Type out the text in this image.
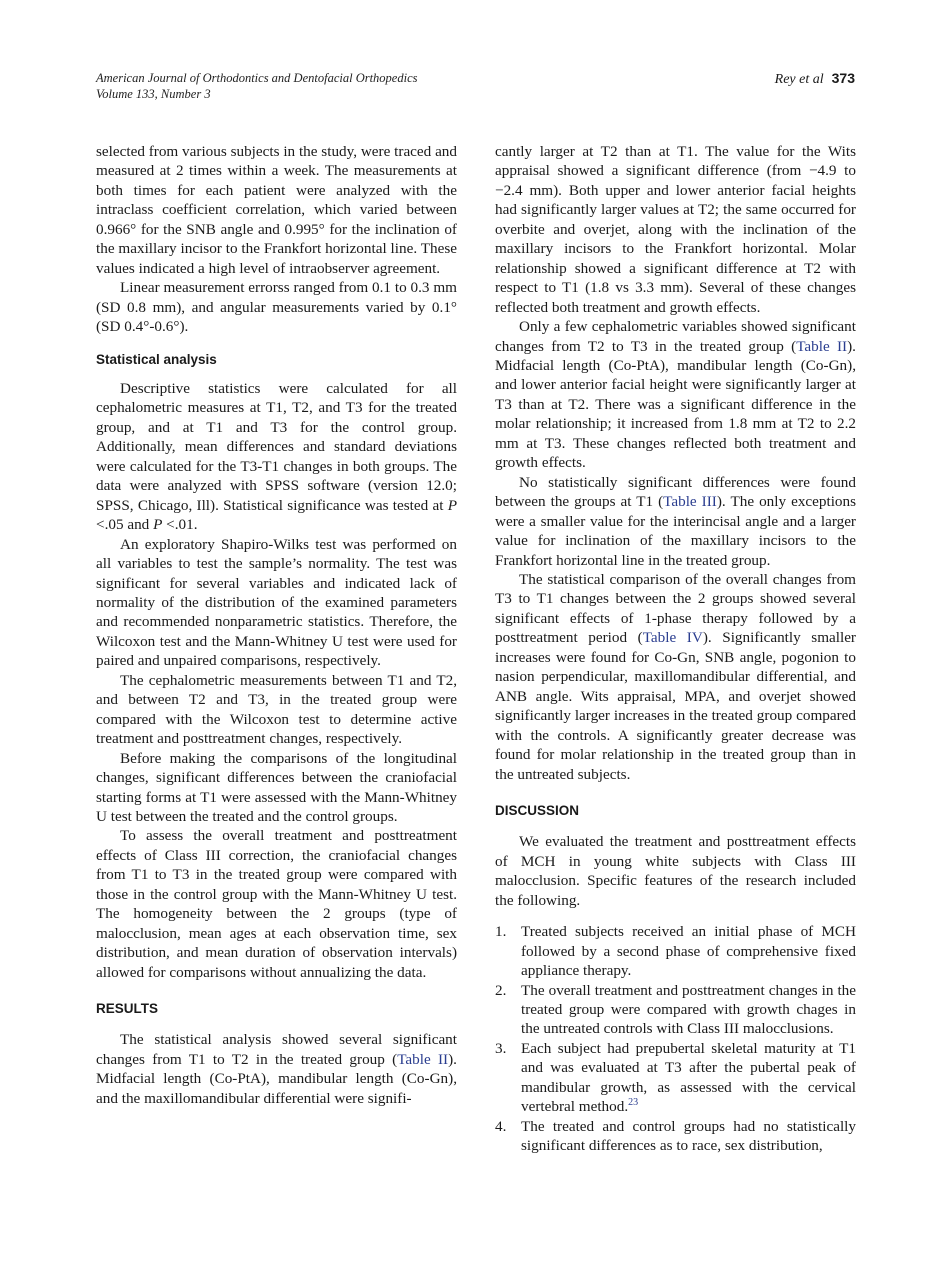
American Journal of Orthodontics and Dentofacial Orthopedics
Volume 133, Number 3
Rey et al 373

selected from various subjects in the study, were traced and measured at 2 times within a week. The measurements at both times for each patient were analyzed with the intraclass coefficient correlation, which varied between 0.966° for the SNB angle and 0.995° for the inclination of the maxillary incisor to the Frankfort horizontal line. These values indicated a high level of intraobserver agreement.

Linear measurement errorss ranged from 0.1 to 0.3 mm (SD 0.8 mm), and angular measurements varied by 0.1° (SD 0.4°-0.6°).

Statistical analysis

Descriptive statistics were calculated for all cephalometric measures at T1, T2, and T3 for the treated group, and at T1 and T3 for the control group. Additionally, mean differences and standard deviations were calculated for the T3-T1 changes in both groups. The data were analyzed with SPSS software (version 12.0; SPSS, Chicago, Ill). Statistical significance was tested at P <.05 and P <.01.

An exploratory Shapiro-Wilks test was performed on all variables to test the sample’s normality. The test was significant for several variables and indicated lack of normality of the distribution of the examined parameters and recommended nonparametric statistics. Therefore, the Wilcoxon test and the Mann-Whitney U test were used for paired and unpaired comparisons, respectively.

The cephalometric measurements between T1 and T2, and between T2 and T3, in the treated group were compared with the Wilcoxon test to determine active treatment and posttreatment changes, respectively.

Before making the comparisons of the longitudinal changes, significant differences between the craniofacial starting forms at T1 were assessed with the Mann-Whitney U test between the treated and the control groups.

To assess the overall treatment and posttreatment effects of Class III correction, the craniofacial changes from T1 to T3 in the treated group were compared with those in the control group with the Mann-Whitney U test. The homogeneity between the 2 groups (type of malocclusion, mean ages at each observation time, sex distribution, and mean duration of observation intervals) allowed for comparisons without annualizing the data.

RESULTS

The statistical analysis showed several significant changes from T1 to T2 in the treated group (Table II). Midfacial length (Co-PtA), mandibular length (Co-Gn), and the maxillomandibular differential were signifi-

cantly larger at T2 than at T1. The value for the Wits appraisal showed a significant difference (from −4.9 to −2.4 mm). Both upper and lower anterior facial heights had significantly larger values at T2; the same occurred for overbite and overjet, along with the inclination of the maxillary incisors to the Frankfort horizontal. Molar relationship showed a significant difference at T2 with respect to T1 (1.8 vs 3.3 mm). Several of these changes reflected both treatment and growth effects.

Only a few cephalometric variables showed significant changes from T2 to T3 in the treated group (Table II). Midfacial length (Co-PtA), mandibular length (Co-Gn), and lower anterior facial height were significantly larger at T3 than at T2. There was a significant difference in the molar relationship; it increased from 1.8 mm at T2 to 2.2 mm at T3. These changes reflected both treatment and growth effects.

No statistically significant differences were found between the groups at T1 (Table III). The only exceptions were a smaller value for the interincisal angle and a larger value for inclination of the maxillary incisors to the Frankfort horizontal line in the treated group.

The statistical comparison of the overall changes from T3 to T1 changes between the 2 groups showed several significant effects of 1-phase therapy followed by a posttreatment period (Table IV). Significantly smaller increases were found for Co-Gn, SNB angle, pogonion to nasion perpendicular, maxillomandibular differential, and ANB angle. Wits appraisal, MPA, and overjet showed significantly larger increases in the treated group compared with the controls. A significantly greater decrease was found for molar relationship in the treated group than in the untreated subjects.

DISCUSSION

We evaluated the treatment and posttreatment effects of MCH in young white subjects with Class III malocclusion. Specific features of the research included the following.

1. Treated subjects received an initial phase of MCH followed by a second phase of comprehensive fixed appliance therapy.
2. The overall treatment and posttreatment changes in the treated group were compared with growth chages in the untreated controls with Class III malocclusions.
3. Each subject had prepubertal skeletal maturity at T1 and was evaluated at T3 after the pubertal peak of mandibular growth, as assessed with the cervical vertebral method.$^{23}$
4. The treated and control groups had no statistically significant differences as to race, sex distribution,
